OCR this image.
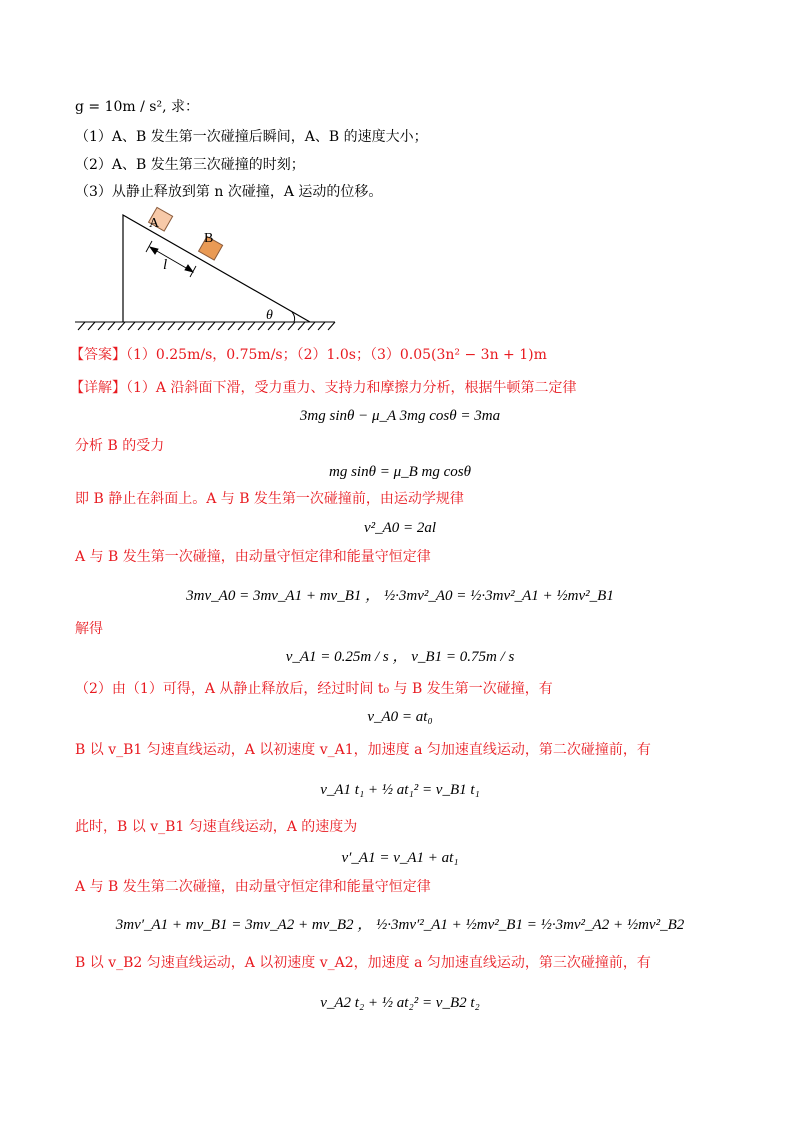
g = 10m / s², 求：
（1）A、B 发生第一次碰撞后瞬间，A、B 的速度大小；
（2）A、B 发生第三次碰撞的时刻；
（3）从静止释放到第 n 次碰撞，A 运动的位移。
A
B
l
θ
【答案】（1）0.25m/s，0.75m/s；（2）1.0s；（3）0.05(3n² − 3n + 1)m
【详解】（1）A 沿斜面下滑，受力重力、支持力和摩擦力分析，根据牛顿第二定律
3mg sinθ − μ_A 3mg cosθ = 3ma
分析 B 的受力
mg sinθ = μ_B mg cosθ
即 B 静止在斜面上。A 与 B 发生第一次碰撞前，由运动学规律
v²_A0 = 2al
A 与 B 发生第一次碰撞，由动量守恒定律和能量守恒定律
3mv_A0 = 3mv_A1 + mv_B1 ， ½·3mv²_A0 = ½·3mv²_A1 + ½mv²_B1
解得
v_A1 = 0.25m / s ， v_B1 = 0.75m / s
（2）由（1）可得，A 从静止释放后，经过时间 t₀ 与 B 发生第一次碰撞，有
v_A0 = at₀
B 以 v_B1 匀速直线运动，A 以初速度 v_A1，加速度 a 匀加速直线运动，第二次碰撞前，有
v_A1 t₁ + ½ at₁² = v_B1 t₁
此时，B 以 v_B1 匀速直线运动，A 的速度为
v′_A1 = v_A1 + at₁
A 与 B 发生第二次碰撞，由动量守恒定律和能量守恒定律
3mv′_A1 + mv_B1 = 3mv_A2 + mv_B2 ， ½·3mv′²_A1 + ½mv²_B1 = ½·3mv²_A2 + ½mv²_B2
B 以 v_B2 匀速直线运动，A 以初速度 v_A2，加速度 a 匀加速直线运动，第三次碰撞前，有
v_A2 t₂ + ½ at₂² = v_B2 t₂
